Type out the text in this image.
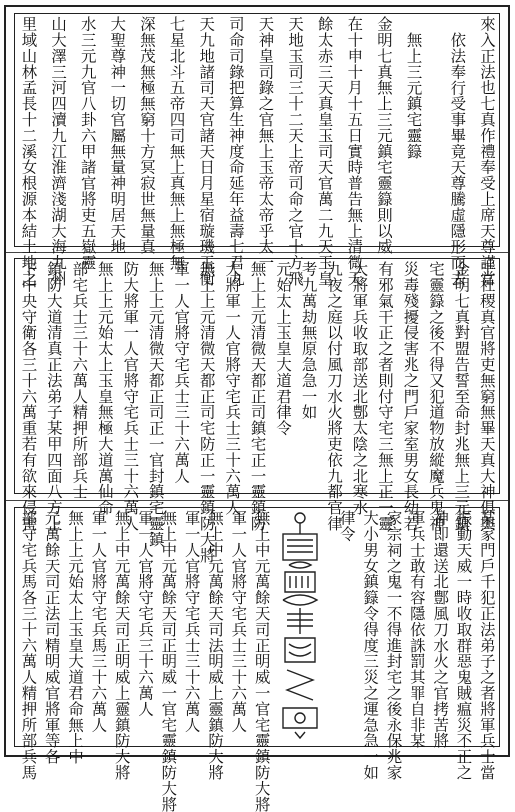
來入正法也七真作禮奉受上席天尊謹當
依法奉行受事畢竟天尊騰虛隱形而去
無上三元鎮宅靈籙
金明七真無上三元鎮宅靈籙則以威
在十申十月十五日實時普告無上清微天
餘太赤三天真皇玉司天官萬二九天玉皇
天地玉司三十二天上帝司命之官十方飛
天神皇司錄之官無上玉帝太帝乎太一
司命司錄把算生神度命延年益壽七君九
天九地諸司天官諸天日月星宿璇璣玉衡
七星北斗五帝四司無上真無上無極無
深無茂無極無窮十方冥寂世無量真
大聖尊神一切官屬無量神明居天地
水三元九官八卦六甲諸官將吏五嶽靈
山大澤三河四瀆九江淮濟淺湖大海九州
里域山林孟長十二溪女根源本結土地之
王社稷真官將吏無窮無畢天真大神俱與
金明七真對盟告誓至命封兆無上三元鎮
宅靈籙之後不得又犯道物放縱魔兵鬼神
災毒殘擾侵害兆之門戶家室男女長幼若
有邪氣干正之者則付守宅三無上正一靈
大將軍兵收取部送北鄷太陰之北寒水
九夜之庭以付風刀水火將吏依九都官律
考九萬劫無原急急一如
元始太上玉皇大道君律令
無上上元清微天都正司鎮宅正一靈鎮防
大將軍一人官將守宅兵士三十六萬人
無上上元清微天都正司宅防正一靈鎮防大將
軍一人官將守宅兵士三十六萬人
無上上元清微天都正司正一官封鎮宅靈鎮
防大將軍一人官將守宅兵士三十六萬人
無上上元始太上玉皇無極大道萬仙命
部宅兵士三十六萬人精押所部兵士
鎮防大道清真正法弟子某甲四面八方上
下中央守衛各三十六萬重若有欲來侵害
某家門戶千犯正法弟子之者將軍兵士當
振動天威一時收取群惡鬼賊瘟災不正之
神即還送北鄷風刀水火之官拷苦將
軍兵士敢有容隱依誅罰其罪自非某
家宗祠之鬼一不得進封宅之後永保兆家
大小男女鎮籙令得度三災之運急急一如
律令
無上中元萬餘天司正明威一官宅靈鎮防大將
軍一人官將守宅兵士三十六萬人
無上中元萬餘天司法明威上靈鎮防大將
軍一人官將守宅兵士三十六萬人
無上中元萬餘天司正明威一官宅靈鎮防大將
軍一人官將守宅兵三十六萬人
無上中元萬餘天司正明威上靈鎮防大將
軍一人官將守宅兵馬三十六萬人
無上上元始太上玉皇大道君命無上中
元萬餘天司正法司精明威官將軍等各
部守宅兵馬各三十六萬人精押所部兵馬
